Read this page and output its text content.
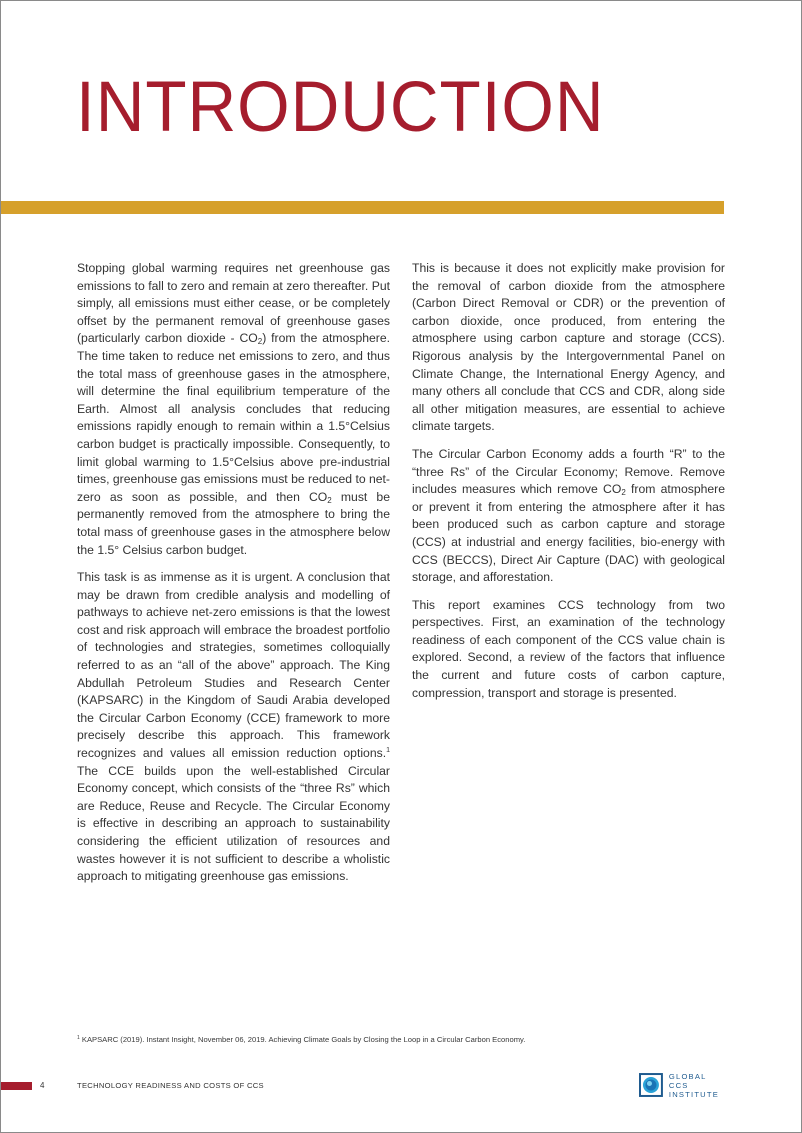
INTRODUCTION

Stopping global warming requires net greenhouse gas emissions to fall to zero and remain at zero thereafter. Put simply, all emissions must either cease, or be completely offset by the permanent removal of greenhouse gases (particularly carbon dioxide - $CO_2$) from the atmosphere. The time taken to reduce net emissions to zero, and thus the total mass of greenhouse gases in the atmosphere, will determine the final equilibrium temperature of the Earth. Almost all analysis concludes that reducing emissions rapidly enough to remain within a 1.5°Celsius carbon budget is practically impossible. Consequently, to limit global warming to 1.5°Celsius above pre-industrial times, greenhouse gas emissions must be reduced to net-zero as soon as possible, and then $CO_2$ must be permanently removed from the atmosphere to bring the total mass of greenhouse gases in the atmosphere below the 1.5° Celsius carbon budget.

This task is as immense as it is urgent. A conclusion that may be drawn from credible analysis and modelling of pathways to achieve net-zero emissions is that the lowest cost and risk approach will embrace the broadest portfolio of technologies and strategies, sometimes colloquially referred to as an “all of the above” approach. The King Abdullah Petroleum Studies and Research Center (KAPSARC) in the Kingdom of Saudi Arabia developed the Circular Carbon Economy (CCE) framework to more precisely describe this approach. This framework recognizes and values all emission reduction options.$^1$ The CCE builds upon the well-established Circular Economy concept, which consists of the “three Rs” which are Reduce, Reuse and Recycle. The Circular Economy is effective in describing an approach to sustainability considering the efficient utilization of resources and wastes however it is not sufficient to describe a wholistic approach to mitigating greenhouse gas emissions.

This is because it does not explicitly make provision for the removal of carbon dioxide from the atmosphere (Carbon Direct Removal or CDR) or the prevention of carbon dioxide, once produced, from entering the atmosphere using carbon capture and storage (CCS). Rigorous analysis by the Intergovernmental Panel on Climate Change, the International Energy Agency, and many others all conclude that CCS and CDR, along side all other mitigation measures, are essential to achieve climate targets.

The Circular Carbon Economy adds a fourth “R” to the “three Rs” of the Circular Economy; Remove. Remove includes measures which remove $CO_2$ from atmosphere or prevent it from entering the atmosphere after it has been produced such as carbon capture and storage (CCS) at industrial and energy facilities, bio-energy with CCS (BECCS), Direct Air Capture (DAC) with geological storage, and afforestation.

This report examines CCS technology from two perspectives. First, an examination of the technology readiness of each component of the CCS value chain is explored. Second, a review of the factors that influence the current and future costs of carbon capture, compression, transport and storage is presented.

$^1$ KAPSARC (2019). Instant Insight, November 06, 2019. Achieving Climate Goals by Closing the Loop in a Circular Carbon Economy.
4	TECHNOLOGY READINESS AND COSTS OF CCS
GLOBAL CCS
INSTITUTE
